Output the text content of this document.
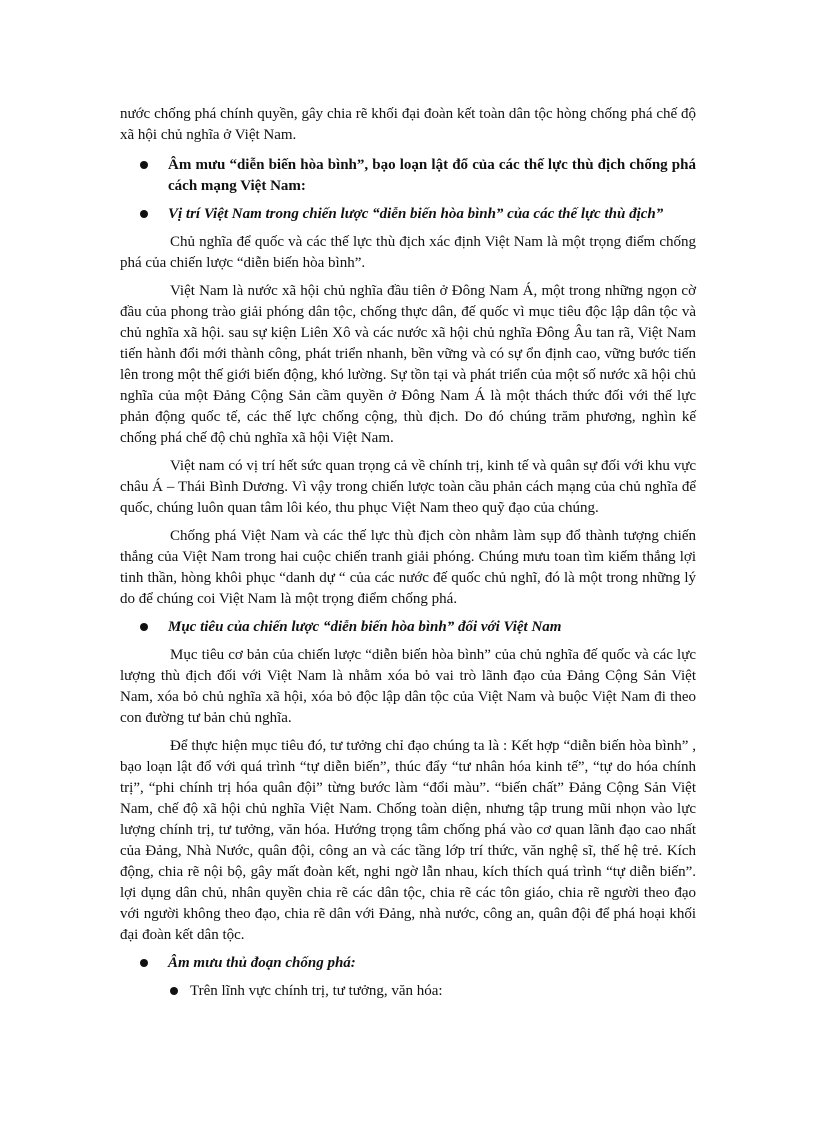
nước chống phá chính quyền, gây chia rẽ khối đại đoàn kết toàn dân tộc hòng chống phá chế độ xã hội chủ nghĩa ở Việt Nam.

Âm mưu “diễn biến hòa bình”, bạo loạn lật đổ của các thế lực thù địch chống phá cách mạng Việt Nam:

Vị trí Việt Nam trong chiến lược “diễn biến hòa bình” của các thế lực thù địch”

Chủ nghĩa để quốc và các thế lực thù địch xác định Việt Nam là một trọng điểm chống phá của chiến lược “diễn biến hòa bình”.

Việt Nam là nước xã hội chủ nghĩa đầu tiên ở Đông Nam Á, một trong những ngọn cờ đầu của phong trào giải phóng dân tộc, chống thực dân, đế quốc vì mục tiêu độc lập dân tộc và chủ nghĩa xã hội. sau sự kiện Liên Xô và các nước xã hội chủ nghĩa Đông Âu tan rã, Việt Nam tiến hành đổi mới thành công, phát triển nhanh, bền vững và có sự ổn định cao, vững bước tiến lên trong một thế giới biến động, khó lường. Sự tồn tại và phát triển của một số nước xã hội chủ nghĩa của một Đảng Cộng Sản cầm quyền ở Đông Nam Á là một thách thức đối với thế lực phản động quốc tế, các thế lực chống cộng, thù địch. Do đó chúng trăm phương, nghìn kế chống phá chế độ chủ nghĩa xã hội Việt Nam.

Việt nam có vị trí hết sức quan trọng cả về chính trị, kinh tế và quân sự đối với khu vực châu Á – Thái Bình Dương. Vì vậy trong chiến lược toàn cầu phản cách mạng của chủ nghĩa để quốc, chúng luôn quan tâm lôi kéo, thu phục Việt Nam theo quỹ đạo của chúng.

Chống phá Việt Nam và các thế lực thù địch còn nhằm làm sụp đổ thành tượng chiến thắng của Việt Nam trong hai cuộc chiến tranh giải phóng. Chúng mưu toan tìm kiếm thắng lợi tinh thần, hòng khôi phục “danh dự “ của các nước đế quốc chủ nghĩ, đó là một trong những lý do để chúng coi Việt Nam là một trọng điểm chống phá.

Mục tiêu của chiến lược “diễn biến hòa bình” đối với Việt Nam

Mục tiêu cơ bản của chiến lược “diễn biến hòa bình” của chủ nghĩa đế quốc và các lực lượng thù địch đối với Việt Nam là nhằm xóa bỏ vai trò lãnh đạo của Đảng Cộng Sản Việt Nam, xóa bỏ chủ nghĩa xã hội, xóa bỏ độc lập dân tộc của Việt Nam và buộc Việt Nam đi theo con đường tư bản chủ nghĩa.

Để thực hiện mục tiêu đó, tư tưởng chỉ đạo chúng ta là : Kết hợp “diễn biến hòa bình” , bạo loạn lật đổ với quá trình “tự diễn biến”, thúc đẩy “tư nhân hóa kinh tế”, “tự do hóa chính trị”, “phi chính trị hóa quân đội” từng bước làm “đổi màu”. “biến chất” Đảng Cộng Sản Việt Nam, chế độ xã hội chủ nghĩa Việt Nam. Chống toàn diện, nhưng tập trung mũi nhọn vào lực lượng chính trị, tư tưởng, văn hóa. Hướng trọng tâm chống phá vào cơ quan lãnh đạo cao nhất của Đảng, Nhà Nước, quân đội, công an và các tầng lớp trí thức, văn nghệ sĩ, thế hệ trẻ. Kích động, chia rẽ nội bộ, gây mất đoàn kết, nghi ngờ lẫn nhau, kích thích quá trình “tự diễn biến”. lợi dụng dân chủ, nhân quyền chia rẽ các dân tộc, chia rẽ các tôn giáo, chia rẽ người theo đạo với người không theo đạo, chia rẽ dân với Đảng, nhà nước, công an, quân đội để phá hoại khối đại đoàn kết dân tộc.

Âm mưu thủ đoạn chống phá:

Trên lĩnh vực chính trị, tư tưởng, văn hóa:
